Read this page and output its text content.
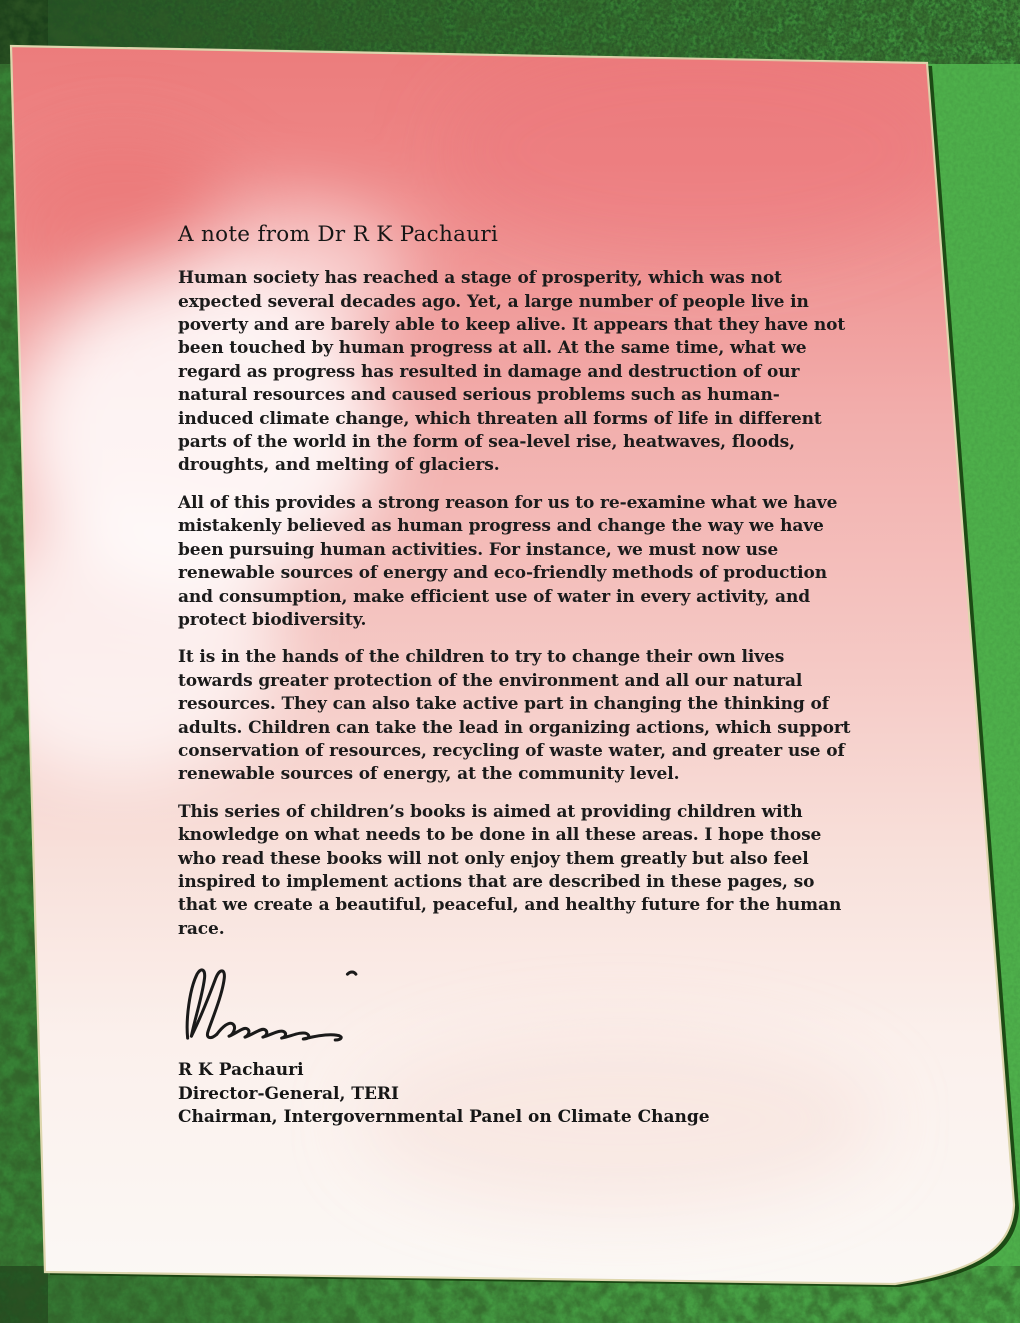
A note from Dr R K Pachauri

Human society has reached a stage of prosperity, which was not expected several decades ago. Yet, a large number of people live in poverty and are barely able to keep alive. It appears that they have not been touched by human progress at all. At the same time, what we regard as progress has resulted in damage and destruction of our natural resources and caused serious problems such as human-induced climate change, which threaten all forms of life in different parts of the world in the form of sea-level rise, heatwaves, floods, droughts, and melting of glaciers.

All of this provides a strong reason for us to re-examine what we have mistakenly believed as human progress and change the way we have been pursuing human activities. For instance, we must now use renewable sources of energy and eco-friendly methods of production and consumption, make efficient use of water in every activity, and protect biodiversity.

It is in the hands of the children to try to change their own lives towards greater protection of the environment and all our natural resources. They can also take active part in changing the thinking of adults. Children can take the lead in organizing actions, which support conservation of resources, recycling of waste water, and greater use of renewable sources of energy, at the community level.

This series of children’s books is aimed at providing children with knowledge on what needs to be done in all these areas. I hope those who read these books will not only enjoy them greatly but also feel inspired to implement actions that are described in these pages, so that we create a beautiful, peaceful, and healthy future for the human race.

R K Pachauri
Director-General, TERI
Chairman, Intergovernmental Panel on Climate Change
